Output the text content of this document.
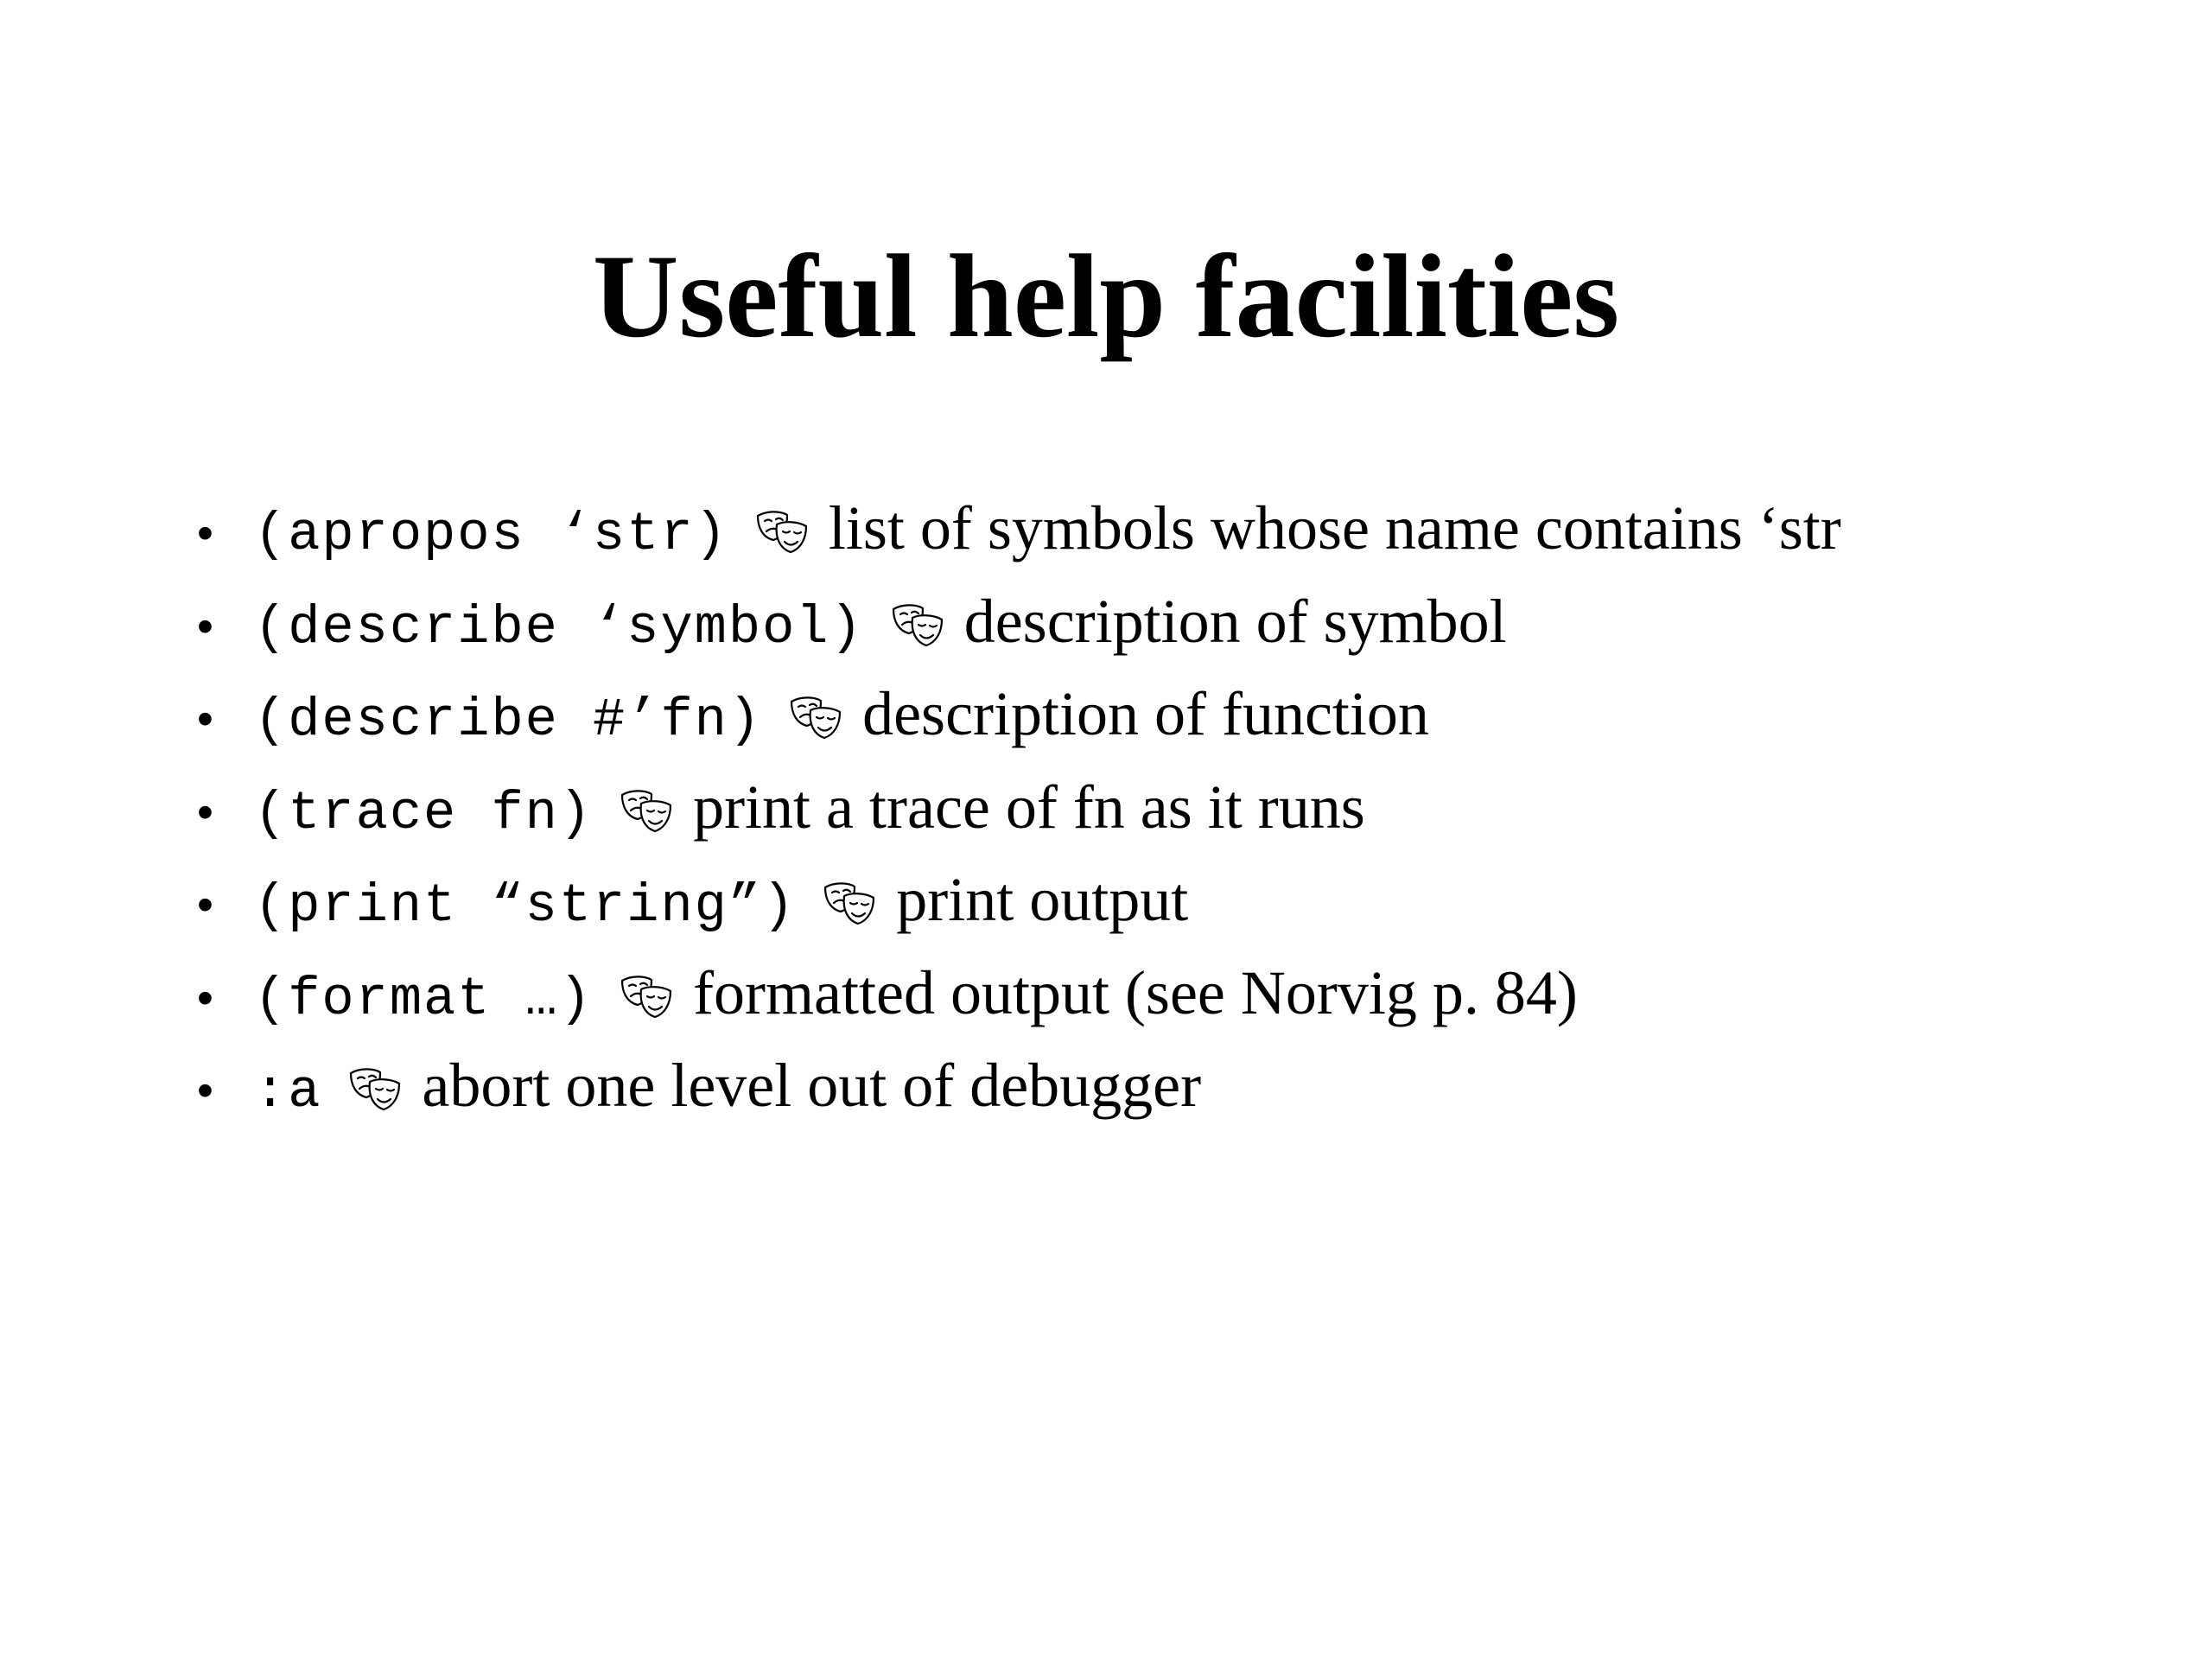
Useful help facilities
• (apropos ‘str) list of symbols whose name contains ‘str
• (describe ‘symbol) description of symbol
• (describe #’fn) description of function
• (trace fn) print a trace of fn as it runs
• (print “string”) print output
• (format …) formatted output (see Norvig p. 84)
• :a abort one level out of debugger
